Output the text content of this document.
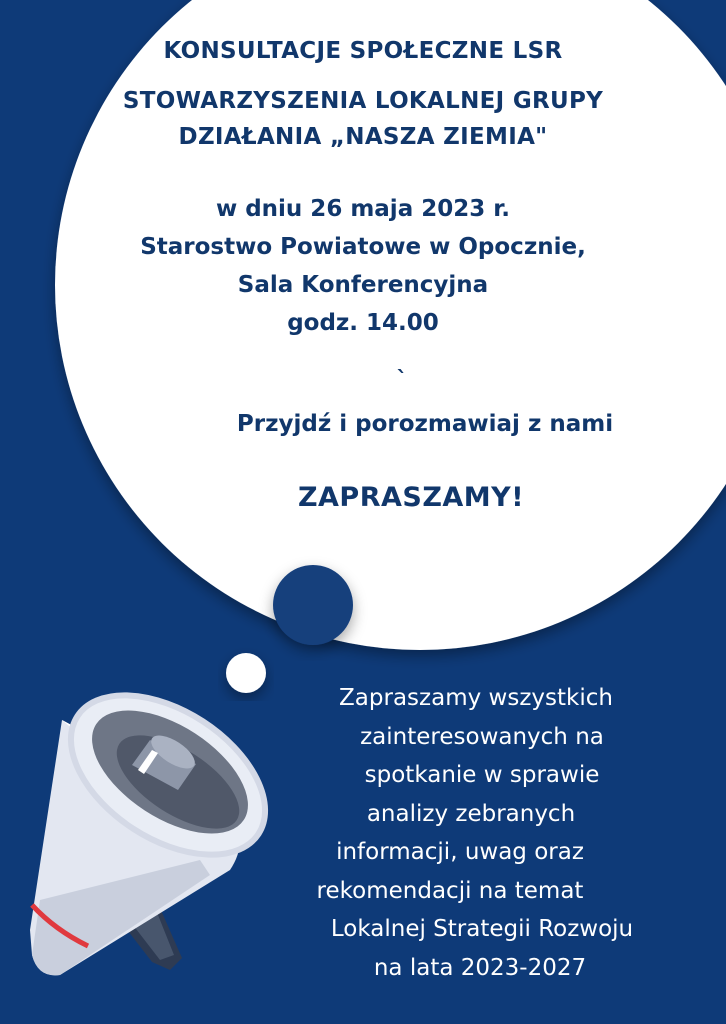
KONSULTACJE SPOŁECZNE LSR
STOWARZYSZENIA LOKALNEJ GRUPY
DZIAŁANIA „NASZA ZIEMIA"
w dniu 26 maja 2023 r.
Starostwo Powiatowe w Opocznie,
Sala Konferencyjna
godz. 14.00
`
Przyjdź i porozmawiaj z nami
ZAPRASZAMY!
Zapraszamy wszystkich
zainteresowanych na
spotkanie w sprawie
analizy zebranych
informacji, uwag oraz
rekomendacji na temat
Lokalnej Strategii Rozwoju
na lata 2023-2027
